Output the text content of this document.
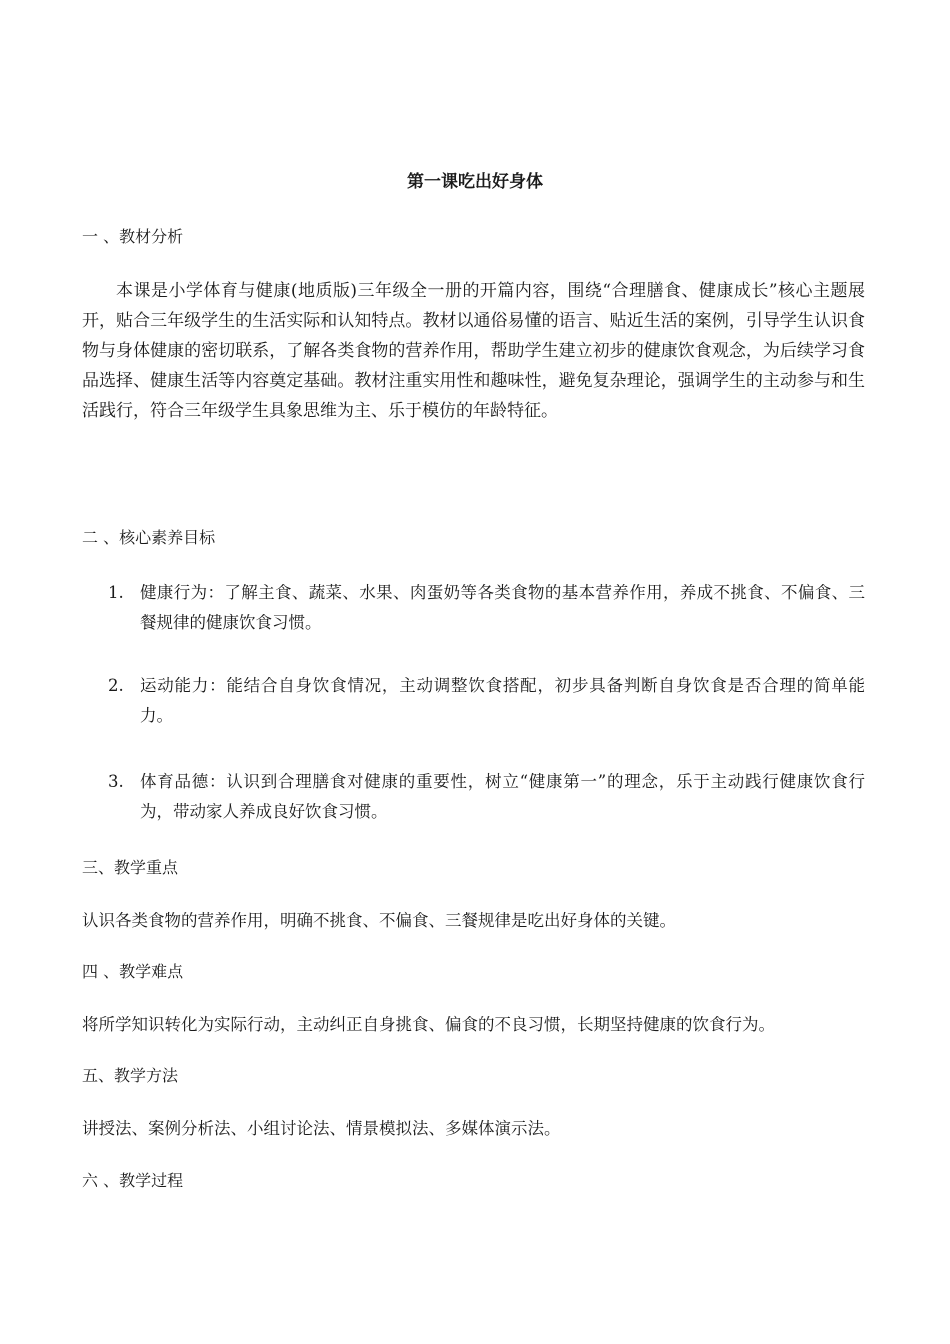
第一课吃出好身体
一 、教材分析

本课是小学体育与健康(地质版)三年级全一册的开篇内容，围绕“合理膳食、健康成长”核心主题展开，贴合三年级学生的生活实际和认知特点。教材以通俗易懂的语言、贴近生活的案例，引导学生认识食物与身体健康的密切联系，了解各类食物的营养作用，帮助学生建立初步的健康饮食观念，为后续学习食品选择、健康生活等内容奠定基础。教材注重实用性和趣味性，避免复杂理论，强调学生的主动参与和生活践行，符合三年级学生具象思维为主、乐于模仿的年龄特征。

二 、核心素养目标
1. 健康行为：了解主食、蔬菜、水果、肉蛋奶等各类食物的基本营养作用，养成不挑食、不偏食、三餐规律的健康饮食习惯。
2. 运动能力：能结合自身饮食情况，主动调整饮食搭配，初步具备判断自身饮食是否合理的简单能力。
3. 体育品德：认识到合理膳食对健康的重要性，树立“健康第一”的理念，乐于主动践行健康饮食行为，带动家人养成良好饮食习惯。
三、教学重点
认识各类食物的营养作用，明确不挑食、不偏食、三餐规律是吃出好身体的关键。
四 、教学难点
将所学知识转化为实际行动，主动纠正自身挑食、偏食的不良习惯，长期坚持健康的饮食行为。
五、教学方法
讲授法、案例分析法、小组讨论法、情景模拟法、多媒体演示法。
六 、教学过程
